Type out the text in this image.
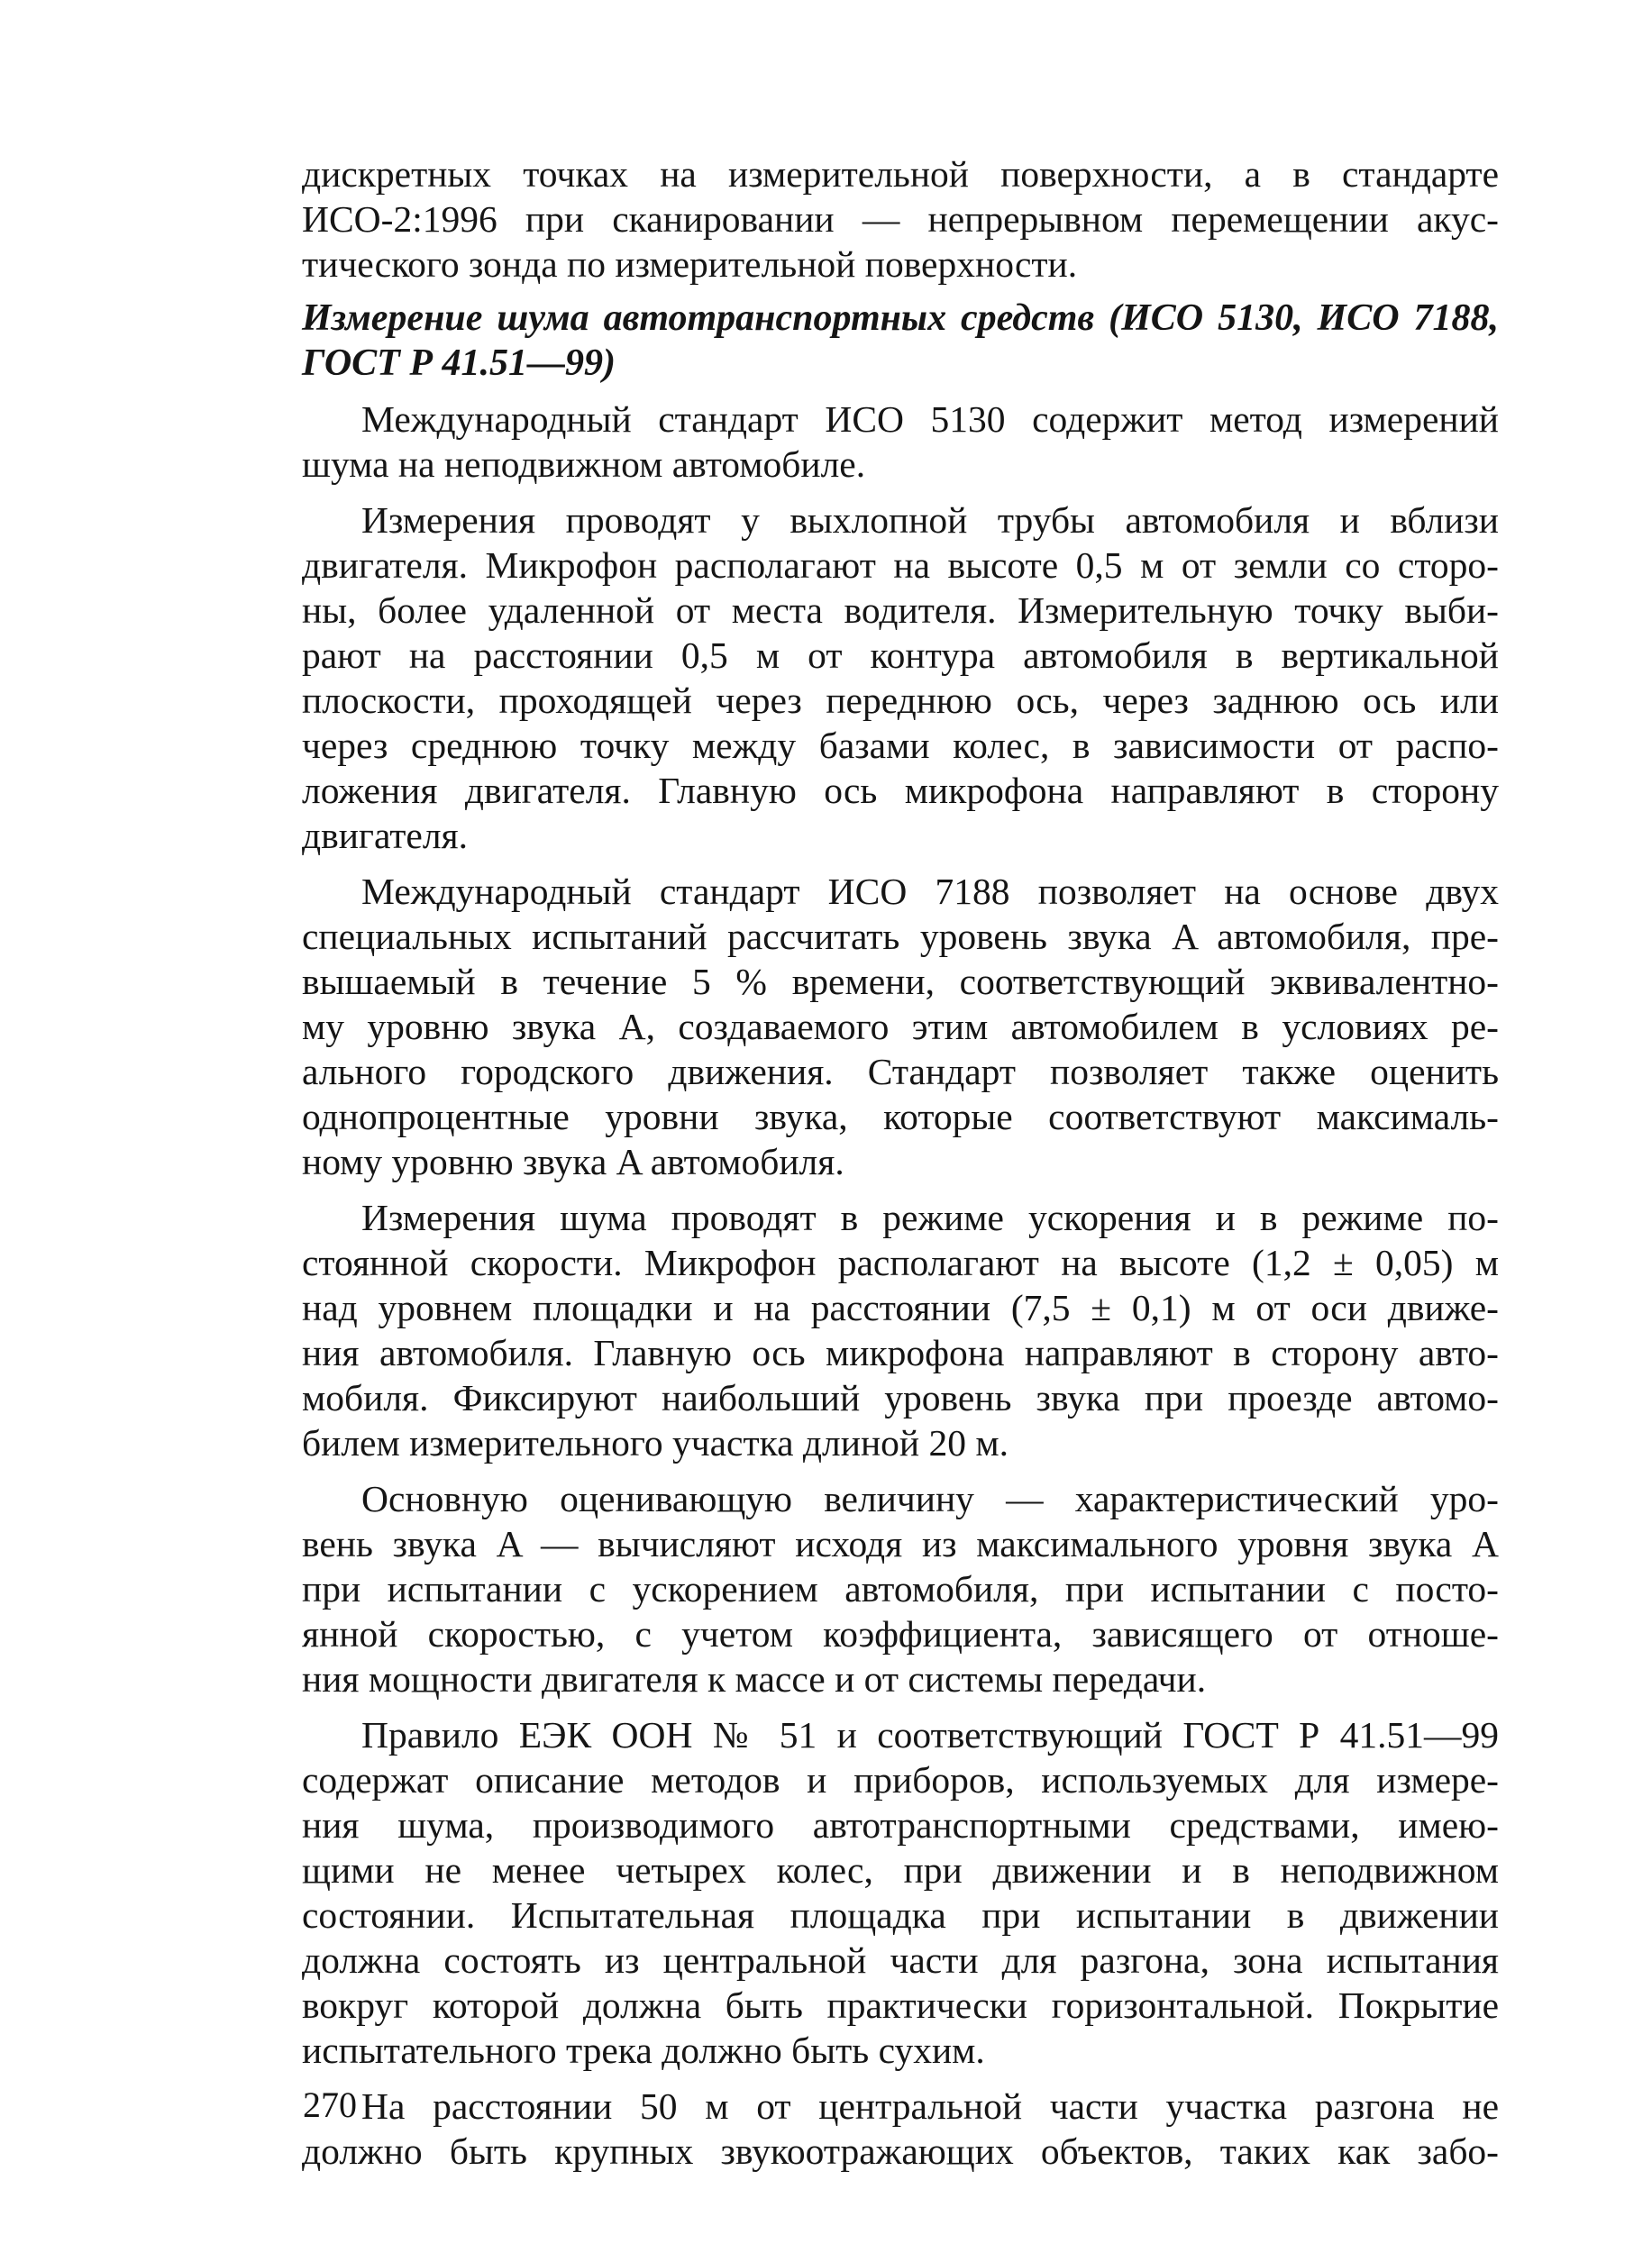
дискретных точках на измерительной поверхности, а в стандарте
ИСО-2:1996 при сканировании — непрерывном перемещении акус-
тического зонда по измерительной поверхности.

Измерение шума автотранспортных средств (ИСО 5130, ИСО 7188,
ГОСТ Р 41.51—99)

Международный стандарт ИСО 5130 содержит метод измерений
шума на неподвижном автомобиле.

Измерения проводят у выхлопной трубы автомобиля и вблизи
двигателя. Микрофон располагают на высоте 0,5 м от земли со сторо-
ны, более удаленной от места водителя. Измерительную точку выби-
рают на расстоянии 0,5 м от контура автомобиля в вертикальной
плоскости, проходящей через переднюю ось, через заднюю ось или
через среднюю точку между базами колес, в зависимости от распо-
ложения двигателя. Главную ось микрофона направляют в сторону
двигателя.

Международный стандарт ИСО 7188 позволяет на основе двух
специальных испытаний рассчитать уровень звука A автомобиля, пре-
вышаемый в течение 5 % времени, соответствующий эквивалентно-
му уровню звука A, создаваемого этим автомобилем в условиях ре-
ального городского движения. Стандарт позволяет также оценить
однопроцентные уровни звука, которые соответствуют максималь-
ному уровню звука A автомобиля.

Измерения шума проводят в режиме ускорения и в режиме по-
стоянной скорости. Микрофон располагают на высоте (1,2 ± 0,05) м
над уровнем площадки и на расстоянии (7,5 ± 0,1) м от оси движе-
ния автомобиля. Главную ось микрофона направляют в сторону авто-
мобиля. Фиксируют наибольший уровень звука при проезде автомо-
билем измерительного участка длиной 20 м.

Основную оценивающую величину — характеристический уро-
вень звука A — вычисляют исходя из максимального уровня звука A
при испытании с ускорением автомобиля, при испытании с посто-
янной скоростью, с учетом коэффициента, зависящего от отноше-
ния мощности двигателя к массе и от системы передачи.

Правило ЕЭК ООН № 51 и соответствующий ГОСТ Р 41.51—99
содержат описание методов и приборов, используемых для измере-
ния шума, производимого автотранспортными средствами, имею-
щими не менее четырех колес, при движении и в неподвижном
состоянии. Испытательная площадка при испытании в движении
должна состоять из центральной части для разгона, зона испытания
вокруг которой должна быть практически горизонтальной. Покрытие
испытательного трека должно быть сухим.

На расстоянии 50 м от центральной части участка разгона не
должно быть крупных звукоотражающих объектов, таких как забо-

270
